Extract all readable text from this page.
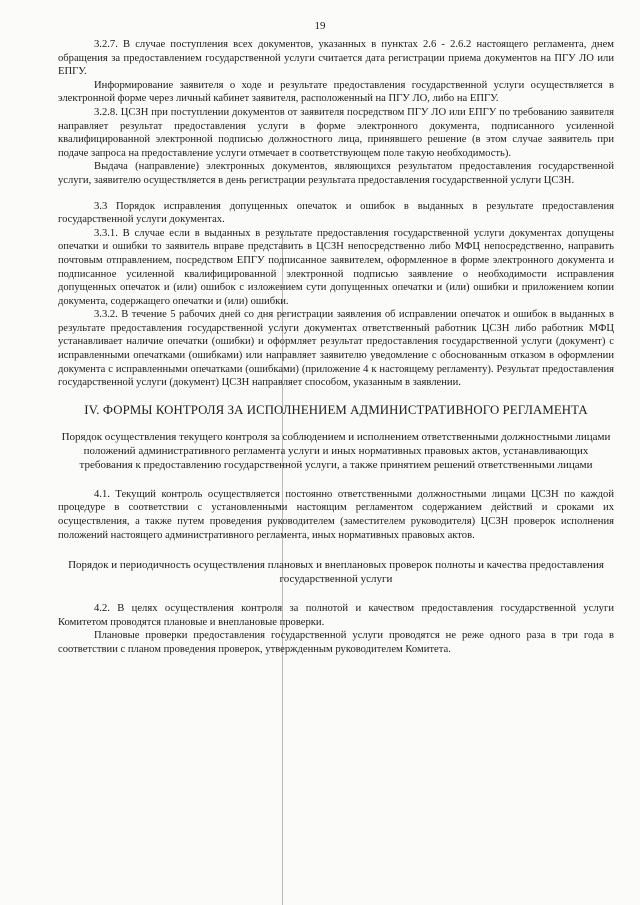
19

3.2.7. В случае поступления всех документов, указанных в пунктах 2.6 - 2.6.2 настоящего регламента, днем обращения за предоставлением государственной услуги считается дата регистрации приема документов на ПГУ ЛО или ЕПГУ.

Информирование заявителя о ходе и результате предоставления государственной услуги осуществляется в электронной форме через личный кабинет заявителя, расположенный на ПГУ ЛО, либо на ЕПГУ.

3.2.8. ЦСЗН при поступлении документов от заявителя посредством ПГУ ЛО или ЕПГУ по требованию заявителя направляет результат предоставления услуги в форме электронного документа, подписанного усиленной квалифицированной электронной подписью должностного лица, принявшего решение (в этом случае заявитель при подаче запроса на предоставление услуги отмечает в соответствующем поле такую необходимость).

Выдача (направление) электронных документов, являющихся результатом предоставления государственной услуги, заявителю осуществляется в день регистрации результата предоставления государственной услуги ЦСЗН.

3.3 Порядок исправления допущенных опечаток и ошибок в выданных в результате предоставления государственной услуги документах.

3.3.1. В случае если в выданных в результате предоставления государственной услуги документах допущены опечатки и ошибки то заявитель вправе представить в ЦСЗН непосредственно либо МФЦ непосредственно, направить почтовым отправлением, посредством ЕПГУ подписанное заявителем, оформленное в форме электронного документа и подписанное усиленной квалифицированной электронной подписью заявление о необходимости исправления допущенных опечаток и (или) ошибок с изложением сути допущенных опечатки и (или) ошибки и приложением копии документа, содержащего опечатки и (или) ошибки.

3.3.2. В течение 5 рабочих дней со дня регистрации заявления об исправлении опечаток и ошибок в выданных в результате предоставления государственной услуги документах ответственный работник ЦСЗН либо работник МФЦ устанавливает наличие опечатки (ошибки) и оформляет результат предоставления государственной услуги (документ) с исправленными опечатками (ошибками) или направляет заявителю уведомление с обоснованным отказом в оформлении документа с исправленными опечатками (ошибками) (приложение 4 к настоящему регламенту). Результат предоставления государственной услуги (документ) ЦСЗН направляет способом, указанным в заявлении.

IV. ФОРМЫ КОНТРОЛЯ ЗА ИСПОЛНЕНИЕМ АДМИНИСТРАТИВНОГО РЕГЛАМЕНТА

Порядок осуществления текущего контроля за соблюдением и исполнением ответственными должностными лицами положений административного регламента услуги и иных нормативных правовых актов, устанавливающих требования к предоставлению государственной услуги, а также принятием решений ответственными лицами

4.1. Текущий контроль осуществляется постоянно ответственными должностными лицами ЦСЗН по каждой процедуре в соответствии с установленными настоящим регламентом содержанием действий и сроками их осуществления, а также путем проведения руководителем (заместителем руководителя) ЦСЗН проверок исполнения положений настоящего административного регламента, иных нормативных правовых актов.

Порядок и периодичность осуществления плановых и внеплановых проверок полноты и качества предоставления государственной услуги

4.2. В целях осуществления контроля за полнотой и качеством предоставления государственной услуги Комитетом проводятся плановые и внеплановые проверки.

Плановые проверки предоставления государственной услуги проводятся не реже одного раза в три года в соответствии с планом проведения проверок, утвержденным руководителем Комитета.
